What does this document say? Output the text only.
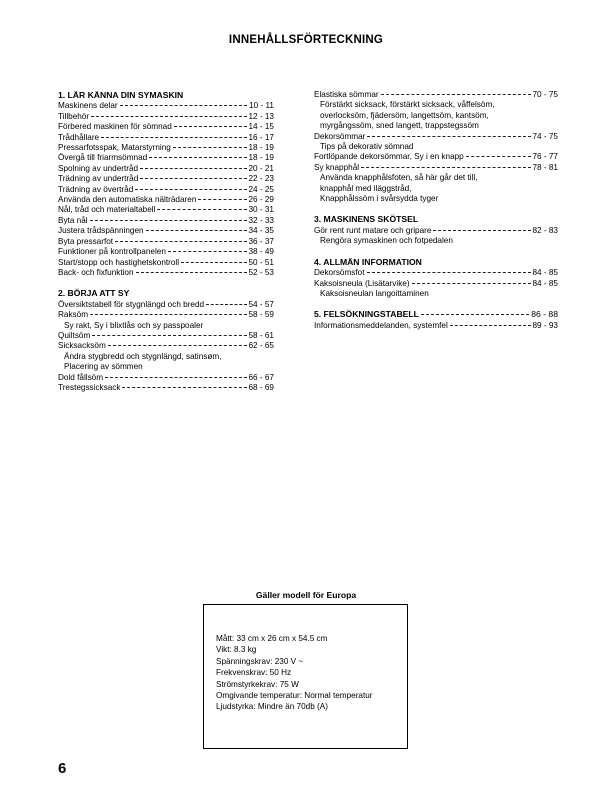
INNEHÅLLSFÖRTECKNING
1. LÄR KÄNNA DIN SYMASKIN
Maskinens delar	10 - 11
Tillbehör	12 - 13
Förbered maskinen för sömnad	14 - 15
Trådhållare	16 - 17
Pressarfotsspak, Matarstyrning	18 - 19
Övergå till friarmsömnad	18 - 19
Spolning av undertråd	20 - 21
Trädning av undertråd	22 - 23
Trädning av övertråd	24 - 25
Använda den automatiska nälträdaren	26 - 29
Nål, tråd och materialtabell	30 - 31
Byta nål	32 - 33
Justera trådspänningen	34 - 35
Byta pressarfot	36 - 37
Funktioner på kontrollpanelen	38 - 49
Start/stopp och hastighetskontroll	50 - 51
Back- och fixfunktion	52 - 53
2. BÖRJA ATT SY
Översiktstabell för stygnlängd och bredd	54 - 57
Raksöm	58 - 59
Sy rakt, Sy i blixtlås och sy passpoaler
Quiltsöm	58 - 61
Sicksacksöm	62 - 65
Ändra stygbredd och stygnlängd, satinsøm,
Placering av sömmen
Dold fållsöm	66 - 67
Trestegssicksack	68 - 69
Elastiska sömmar	70 - 75
Förstärkt sicksack, förstärkt sicksack, våffelsöm,
overlocksöm, fjädersöm, langettsöm, kantsöm,
myrgångssöm, sned langett, trappstegssöm
Dekorsömmar	74 - 75
Tips på dekorativ sömnad
Fortlöpande dekorsömmar, Sy i en knapp	76 - 77
Sy knapphål	78 - 81
Använda knapphålsfoten, så här går det till,
knapphål med iläggstråd,
Knapphålssöm i svårsydda tyger
3. MASKINENS SKÖTSEL
Gör rent runt matare och gripare	82 - 83
Rengöra symaskinen och fotpedalen
4. ALLMÄN INFORMATION
Dekorsömsfot	84 - 85
Kaksoisneula (Lisätarvike)	84 - 85
Kaksoisneulan langoittaminen
5. FELSÖKNINGSTABELL	86 - 88
Informationsmeddelanden, systemfel	89 - 93
Gäller modell för Europa
Mått: 33 cm x 26 cm x 54.5 cm
Vikt: 8.3 kg
Spänningskrav: 230 V ~
Frekvenskrav: 50 Hz
Strömstyrkekrav: 75 W
Omgivande temperatur: Normal temperatur
Ljudstyrka: Mindre än 70db (A)
6
